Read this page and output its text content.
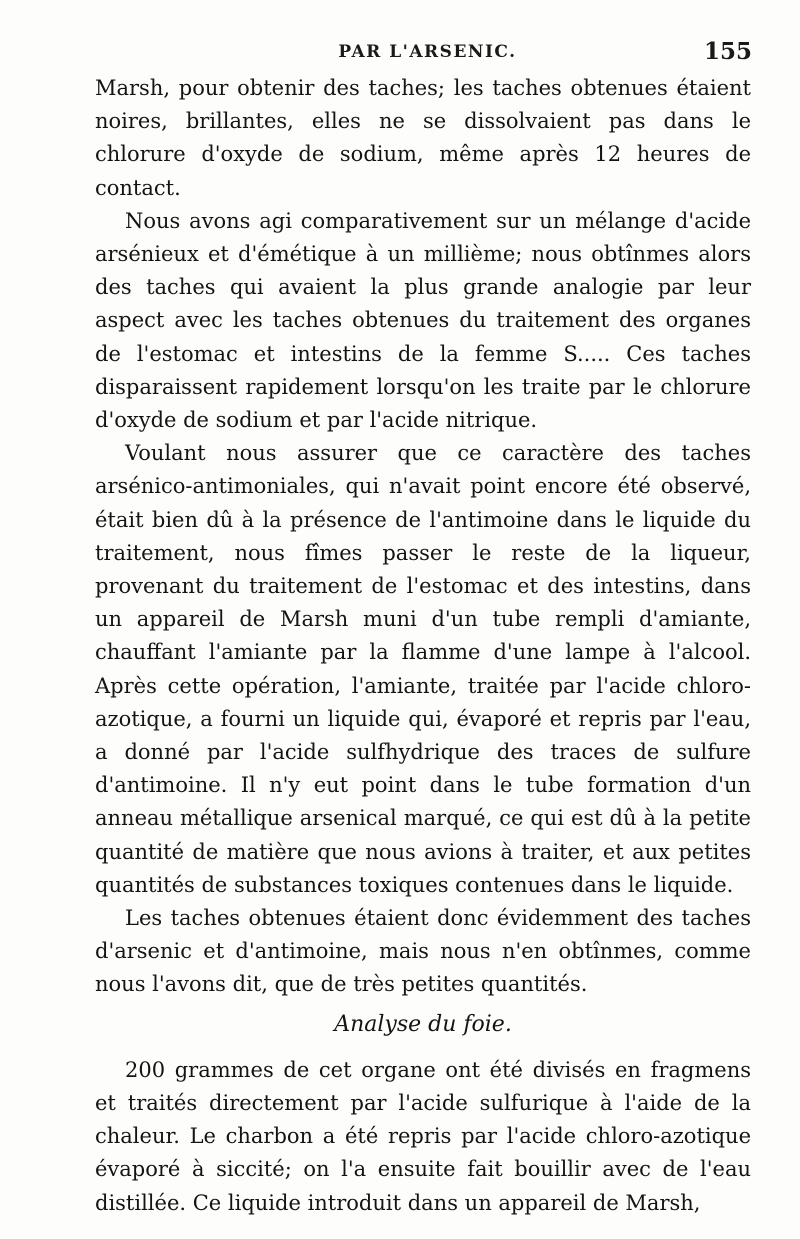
PAR L'ARSENIC.	155

Marsh, pour obtenir des taches; les taches obtenues étaient noires, brillantes, elles ne se dissolvaient pas dans le chlorure d'oxyde de sodium, même après 12 heures de contact.

Nous avons agi comparativement sur un mélange d'acide arsénieux et d'émétique à un millième; nous obtînmes alors des taches qui avaient la plus grande analogie par leur aspect avec les taches obtenues du traitement des organes de l'estomac et intestins de la femme S..... Ces taches disparaissent rapidement lorsqu'on les traite par le chlorure d'oxyde de sodium et par l'acide nitrique.

Voulant nous assurer que ce caractère des taches arsénico-antimoniales, qui n'avait point encore été observé, était bien dû à la présence de l'antimoine dans le liquide du traitement, nous fîmes passer le reste de la liqueur, provenant du traitement de l'estomac et des intestins, dans un appareil de Marsh muni d'un tube rempli d'amiante, chauffant l'amiante par la flamme d'une lampe à l'alcool. Après cette opération, l'amiante, traitée par l'acide chloro-azotique, a fourni un liquide qui, évaporé et repris par l'eau, a donné par l'acide sulfhydrique des traces de sulfure d'antimoine. Il n'y eut point dans le tube formation d'un anneau métallique arsenical marqué, ce qui est dû à la petite quantité de matière que nous avions à traiter, et aux petites quantités de substances toxiques contenues dans le liquide.

Les taches obtenues étaient donc évidemment des taches d'arsenic et d'antimoine, mais nous n'en obtînmes, comme nous l'avons dit, que de très petites quantités.

Analyse du foie.

200 grammes de cet organe ont été divisés en fragmens et traités directement par l'acide sulfurique à l'aide de la chaleur. Le charbon a été repris par l'acide chloro-azotique évaporé à siccité; on l'a ensuite fait bouillir avec de l'eau distillée. Ce liquide introduit dans un appareil de Marsh,
